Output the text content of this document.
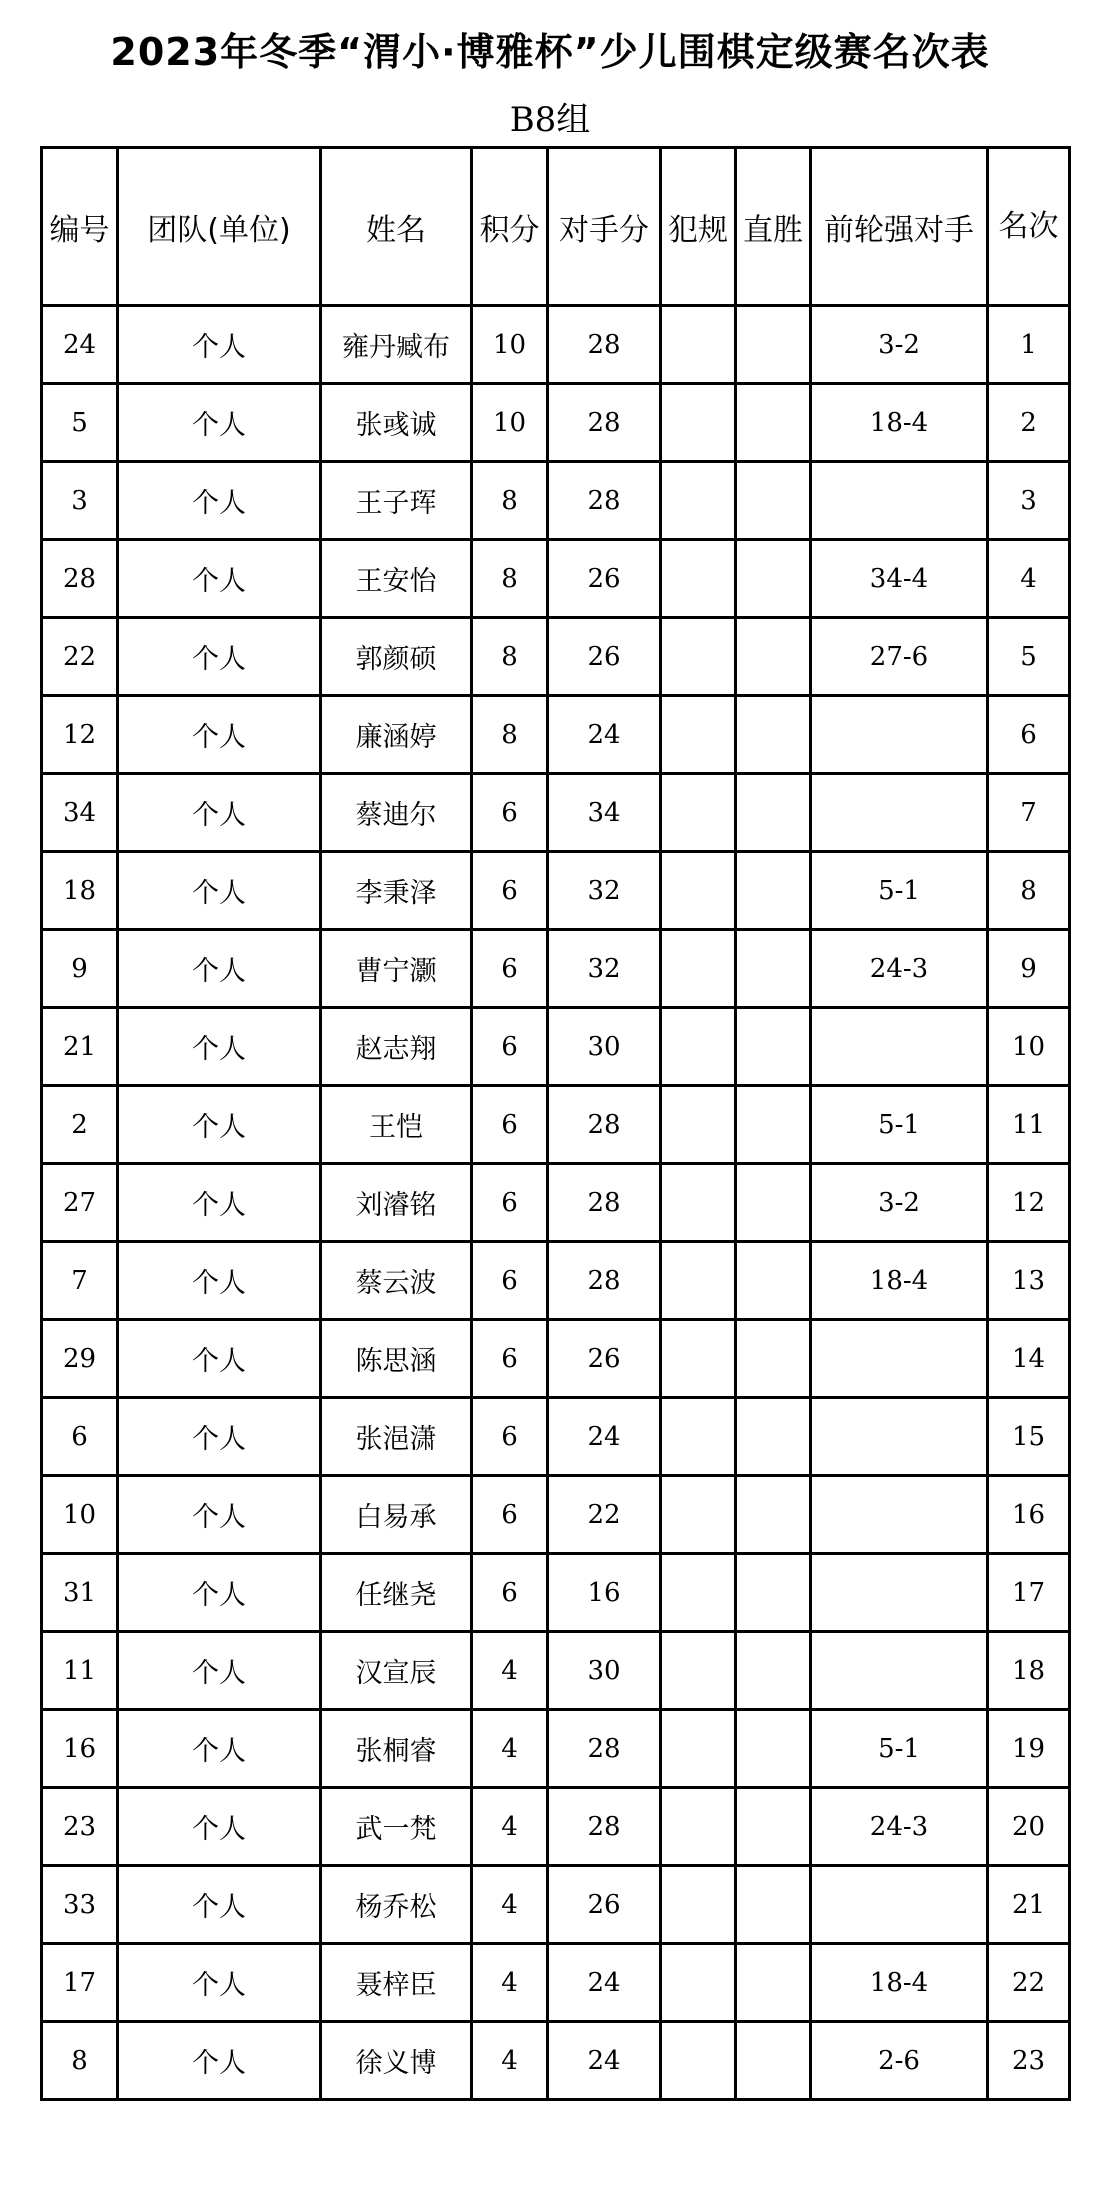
2023年冬季“渭小·博雅杯”少儿围棋定级赛名次表
B8组
编号	团队(单位)	姓名	积分	对手分	犯规	直胜	前轮强对手	名次
24	个人	雍丹臧布	10	28			3-2	1
5	个人	张彧诚	10	28			18-4	2
3	个人	王子珲	8	28				3
28	个人	王安怡	8	26			34-4	4
22	个人	郭颜硕	8	26			27-6	5
12	个人	廉涵婷	8	24				6
34	个人	蔡迪尔	6	34				7
18	个人	李秉泽	6	32			5-1	8
9	个人	曹宁灏	6	32			24-3	9
21	个人	赵志翔	6	30				10
2	个人	王恺	6	28			5-1	11
27	个人	刘濬铭	6	28			3-2	12
7	个人	蔡云波	6	28			18-4	13
29	个人	陈思涵	6	26				14
6	个人	张浥潇	6	24				15
10	个人	白易承	6	22				16
31	个人	任继尧	6	16				17
11	个人	汉宣辰	4	30				18
16	个人	张桐睿	4	28			5-1	19
23	个人	武一梵	4	28			24-3	20
33	个人	杨乔松	4	26				21
17	个人	聂梓臣	4	24			18-4	22
8	个人	徐义博	4	24			2-6	23
